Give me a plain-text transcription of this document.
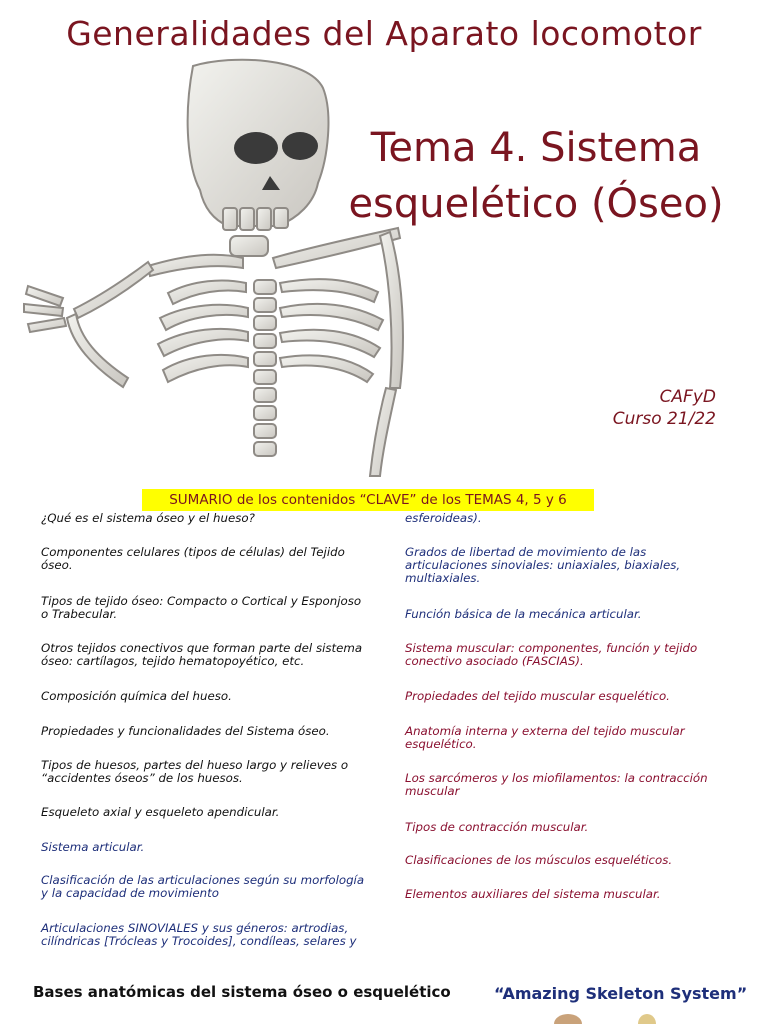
Generalidades del Aparato locomotor
Tema 4. Sistema
esquelético (Óseo)
CAFyD
Curso 21/22
SUMARIO de los contenidos “CLAVE” de los TEMAS 4, 5 y 6

¿Qué es el sistema óseo y el hueso?

Componentes celulares (tipos de células) del Tejido óseo.

Tipos de tejido óseo: Compacto o Cortical y Esponjoso o Trabecular.

Otros tejidos conectivos que forman parte del sistema óseo: cartílagos, tejido hematopoyético, etc.

Composición química del hueso.

Propiedades y funcionalidades del Sistema óseo.

Tipos de huesos, partes del hueso largo y relieves o “accidentes óseos” de los huesos.

Esqueleto axial y esqueleto apendicular.

Sistema articular.

Clasificación de las articulaciones según su morfología y la capacidad de movimiento

Articulaciones SINOVIALES y sus géneros: artrodias, cilíndricas [Trócleas y Trocoides], condíleas, selares y

esferoideas).

Grados de libertad de movimiento de las articulaciones sinoviales: uniaxiales, biaxiales, multiaxiales.

Función básica de la mecánica articular.

Sistema muscular: componentes, función y tejido conectivo asociado (FASCIAS).

Propiedades del tejido muscular esquelético.

Anatomía interna y externa del tejido muscular esquelético.

Los sarcómeros y los miofilamentos: la contracción muscular

Tipos de contracción muscular.

Clasificaciones de los músculos esqueléticos.

Elementos auxiliares del sistema muscular.

Bases anatómicas del sistema óseo o esquelético	“Amazing Skeleton System”
